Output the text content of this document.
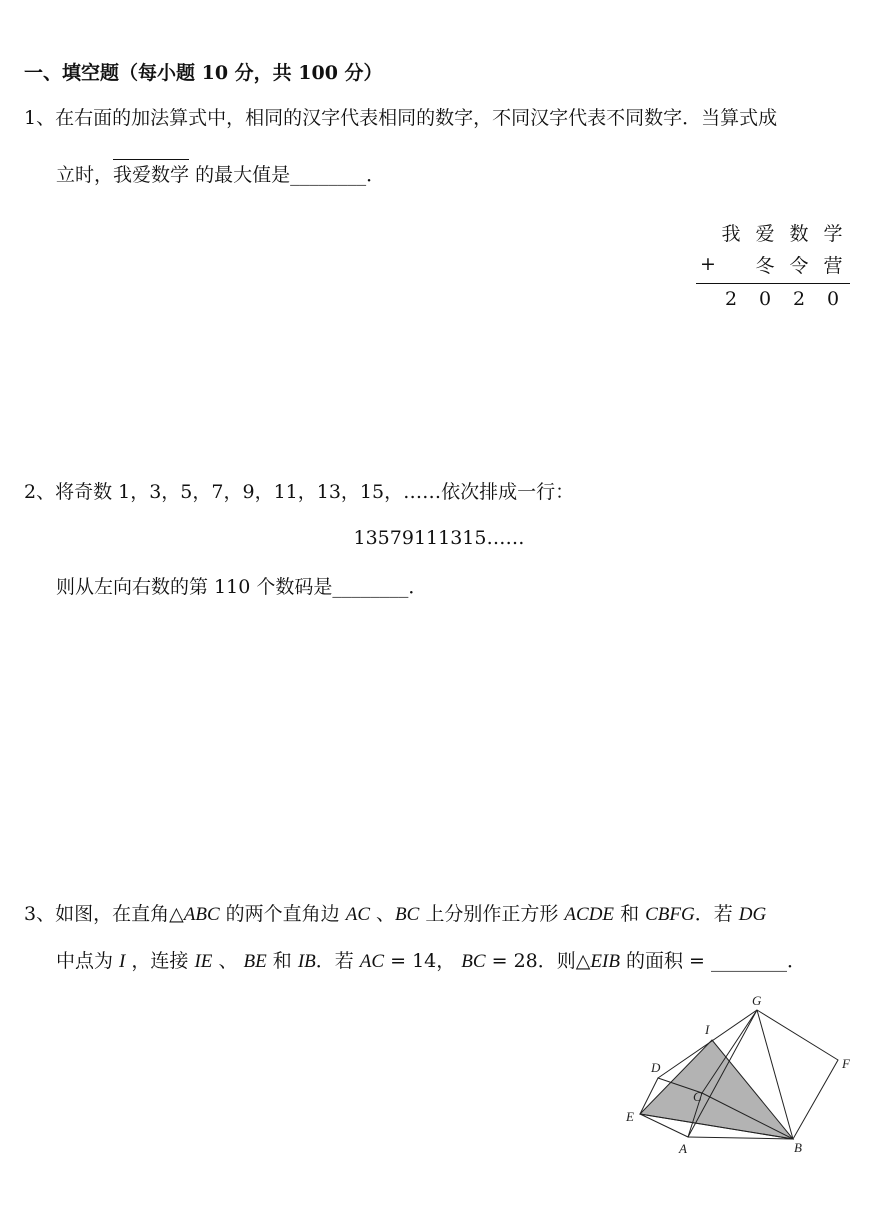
一、填空题（每小题 10 分，共 100 分）
1、在右面的加法算式中，相同的汉字代表相同的数字，不同汉字代表不同数字．当算式成
立时，我爱数学 的最大值是________．
我 爱 数 学
+	冬 令 营
2	0	2	0
2、将奇数 1，3，5，7，9，11，13，15，……依次排成一行：
13579111315……
则从左向右数的第 110 个数码是________．
3、如图，在直角△ABC 的两个直角边 AC 、BC 上分别作正方形 ACDE 和 CBFG．若 DG
中点为 I ，连接 IE 、 BE 和 IB．若 AC = 14， BC = 28．则△EIB 的面积 = ________．
G
I
D	F
C
E
A	B
